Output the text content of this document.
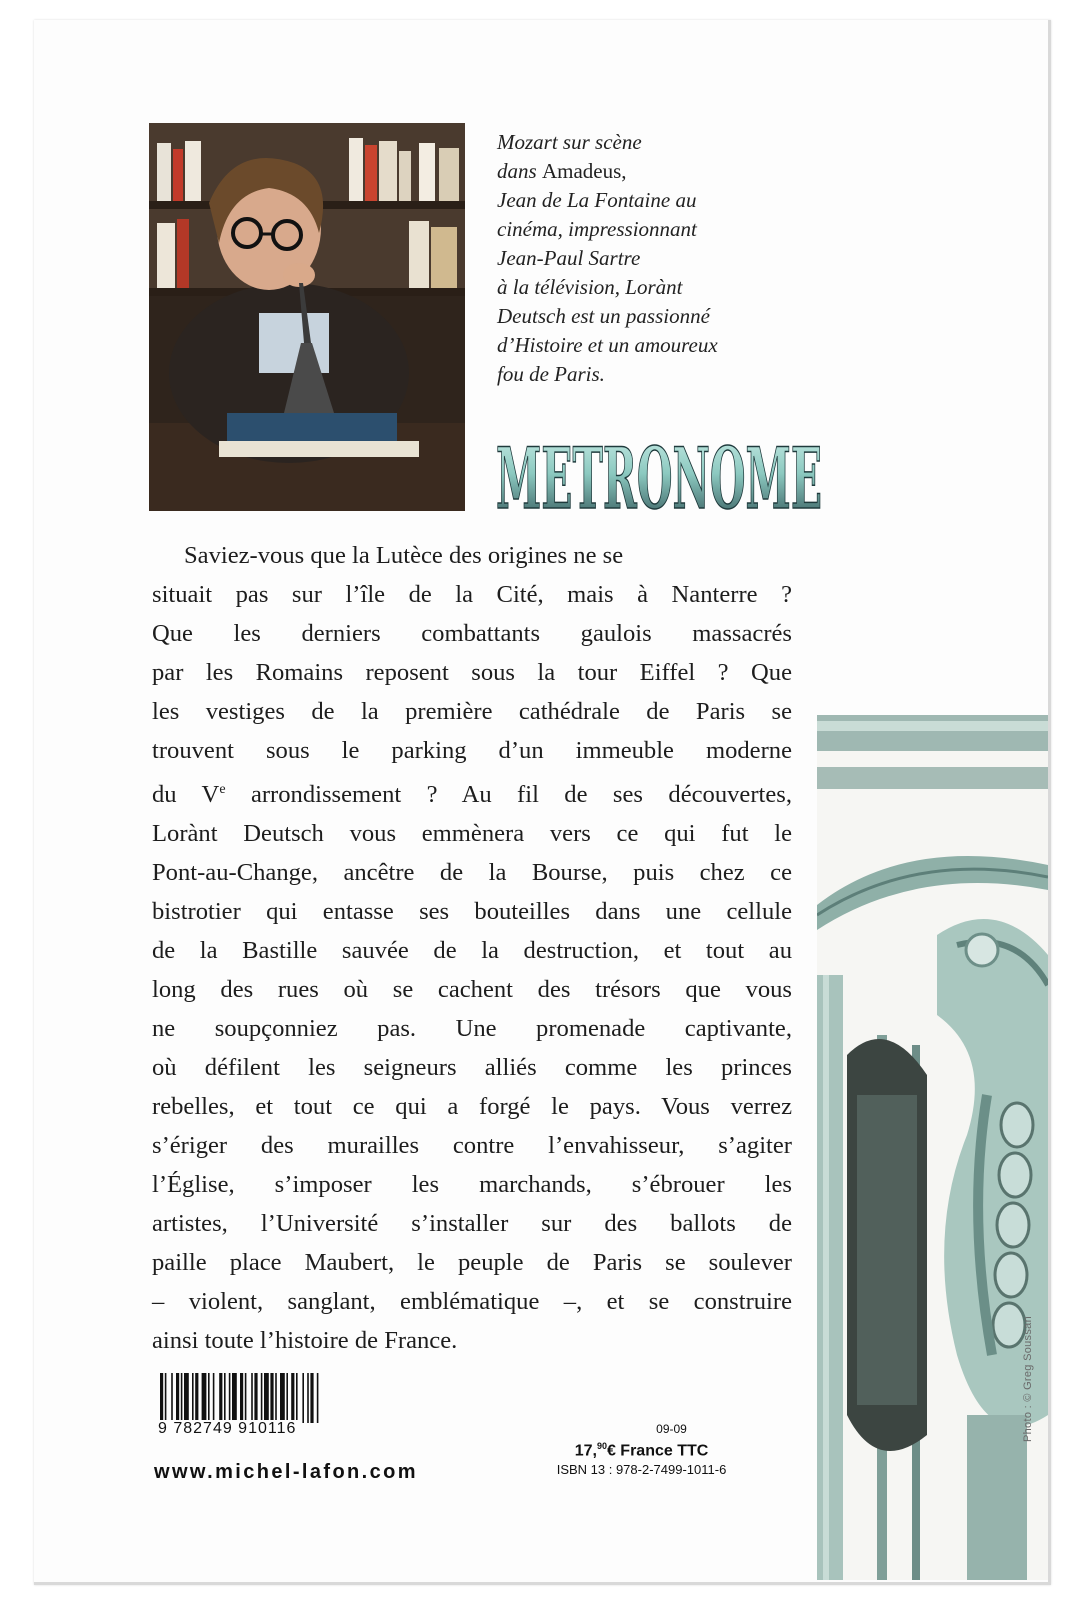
Mozart sur scène
dans Amadeus,
Jean de La Fontaine au
cinéma, impressionnant
Jean-Paul Sartre
à la télévision, Lorànt
Deutsch est un passionné
d’Histoire et un amoureux
fou de Paris.
METRONOME
Saviez-vous que la Lutèce des origines ne se
situait pas sur l’île de la Cité, mais à Nanterre ?
Que les derniers combattants gaulois massacrés
par les Romains reposent sous la tour Eiffel ? Que
les vestiges de la première cathédrale de Paris se
trouvent sous le parking d’un immeuble moderne
du Ve arrondissement ? Au fil de ses découvertes,
Lorànt Deutsch vous emmènera vers ce qui fut le
Pont-au-Change, ancêtre de la Bourse, puis chez ce
bistrotier qui entasse ses bouteilles dans une cellule
de la Bastille sauvée de la destruction, et tout au
long des rues où se cachent des trésors que vous
ne soupçonniez pas. Une promenade captivante,
où défilent les seigneurs alliés comme les princes
rebelles, et tout ce qui a forgé le pays. Vous verrez
s’ériger des murailles contre l’envahisseur, s’agiter
l’Église, s’imposer les marchands, s’ébrouer les
artistes, l’Université s’installer sur des ballots de
paille place Maubert, le peuple de Paris se soulever
– violent, sanglant, emblématique –, et se construire
ainsi toute l’histoire de France.	Photo : © Greg Soussan
9 782749 910116
www.michel-lafon.com
09-09
17,90€ France TTC
ISBN 13 : 978-2-7499-1011-6
